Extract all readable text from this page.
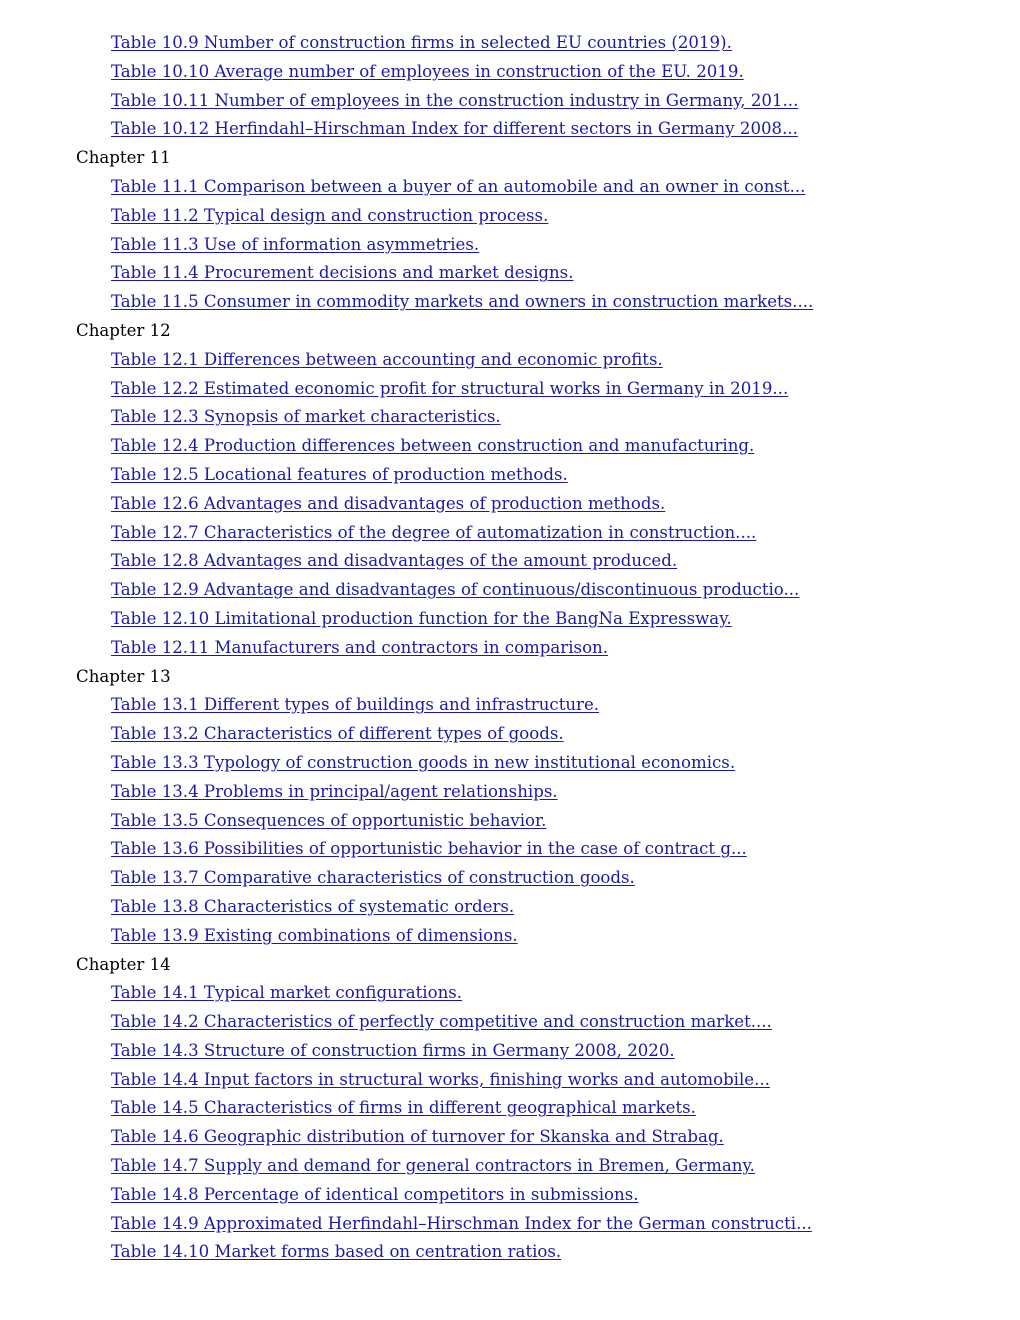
Table 10.9 Number of construction firms in selected EU countries (2019).
Table 10.10 Average number of employees in construction of the EU. 2019.
Table 10.11 Number of employees in the construction industry in Germany, 201...
Table 10.12 Herfindahl–Hirschman Index for different sectors in Germany 2008...
Chapter 11
Table 11.1 Comparison between a buyer of an automobile and an owner in const...
Table 11.2 Typical design and construction process.
Table 11.3 Use of information asymmetries.
Table 11.4 Procurement decisions and market designs.
Table 11.5 Consumer in commodity markets and owners in construction markets....
Chapter 12
Table 12.1 Differences between accounting and economic profits.
Table 12.2 Estimated economic profit for structural works in Germany in 2019...
Table 12.3 Synopsis of market characteristics.
Table 12.4 Production differences between construction and manufacturing.
Table 12.5 Locational features of production methods.
Table 12.6 Advantages and disadvantages of production methods.
Table 12.7 Characteristics of the degree of automatization in construction....
Table 12.8 Advantages and disadvantages of the amount produced.
Table 12.9 Advantage and disadvantages of continuous/discontinuous productio...
Table 12.10 Limitational production function for the BangNa Expressway.
Table 12.11 Manufacturers and contractors in comparison.
Chapter 13
Table 13.1 Different types of buildings and infrastructure.
Table 13.2 Characteristics of different types of goods.
Table 13.3 Typology of construction goods in new institutional economics.
Table 13.4 Problems in principal/agent relationships.
Table 13.5 Consequences of opportunistic behavior.
Table 13.6 Possibilities of opportunistic behavior in the case of contract g...
Table 13.7 Comparative characteristics of construction goods.
Table 13.8 Characteristics of systematic orders.
Table 13.9 Existing combinations of dimensions.
Chapter 14
Table 14.1 Typical market configurations.
Table 14.2 Characteristics of perfectly competitive and construction market....
Table 14.3 Structure of construction firms in Germany 2008, 2020.
Table 14.4 Input factors in structural works, finishing works and automobile...
Table 14.5 Characteristics of firms in different geographical markets.
Table 14.6 Geographic distribution of turnover for Skanska and Strabag.
Table 14.7 Supply and demand for general contractors in Bremen, Germany.
Table 14.8 Percentage of identical competitors in submissions.
Table 14.9 Approximated Herfindahl–Hirschman Index for the German constructi...
Table 14.10 Market forms based on centration ratios.
